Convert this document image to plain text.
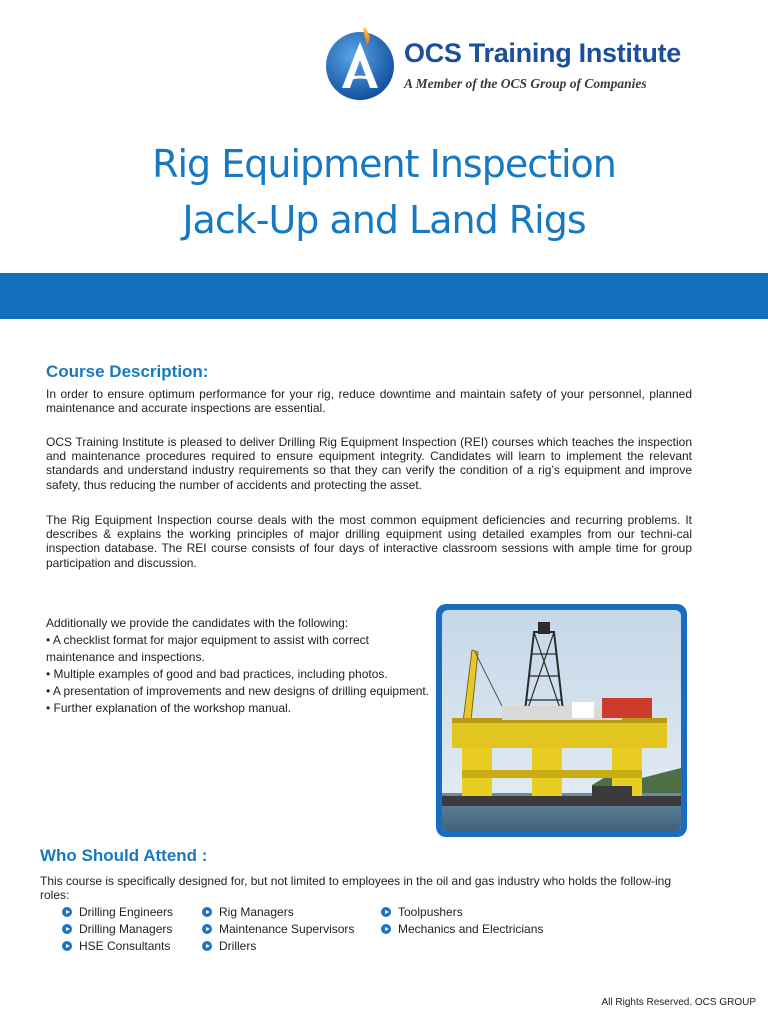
OCS Training Institute
A Member of the OCS Group of Companies
Rig Equipment Inspection
Jack-Up and Land Rigs
Course Description:

In order to ensure optimum performance for your rig, reduce downtime and maintain safety of your personnel, planned maintenance and accurate inspections are essential.

OCS Training Institute is pleased to deliver Drilling Rig Equipment Inspection (REI) courses which teaches the inspection and maintenance procedures required to ensure equipment integrity. Candidates will learn to implement the relevant standards and understand industry requirements so that they can verify the condition of a rig’s equipment and improve safety, thus reducing the number of accidents and protecting the asset.

The Rig Equipment Inspection course deals with the most common equipment deficiencies and recurring problems. It describes & explains the working principles of major drilling equipment using detailed examples from our techni-cal inspection database. The REI course consists of four days of interactive classroom sessions with ample time for group participation and discussion.

Additionally we provide the candidates with the following:
• A checklist format for major equipment to assist with correct maintenance and inspections.
• Multiple examples of good and bad practices, including photos.
• A presentation of improvements and new designs of drilling equipment.
• Further explanation of the workshop manual.
Who Should Attend :

This course is specifically designed for, but not limited to employees in the oil and gas industry who holds the follow-ing roles:

Drilling Engineers	Rig Managers	Toolpushers
Drilling Managers	Maintenance Supervisors	Mechanics and Electricians
HSE Consultants	Drillers
All Rights Reserved. OCS GROUP
